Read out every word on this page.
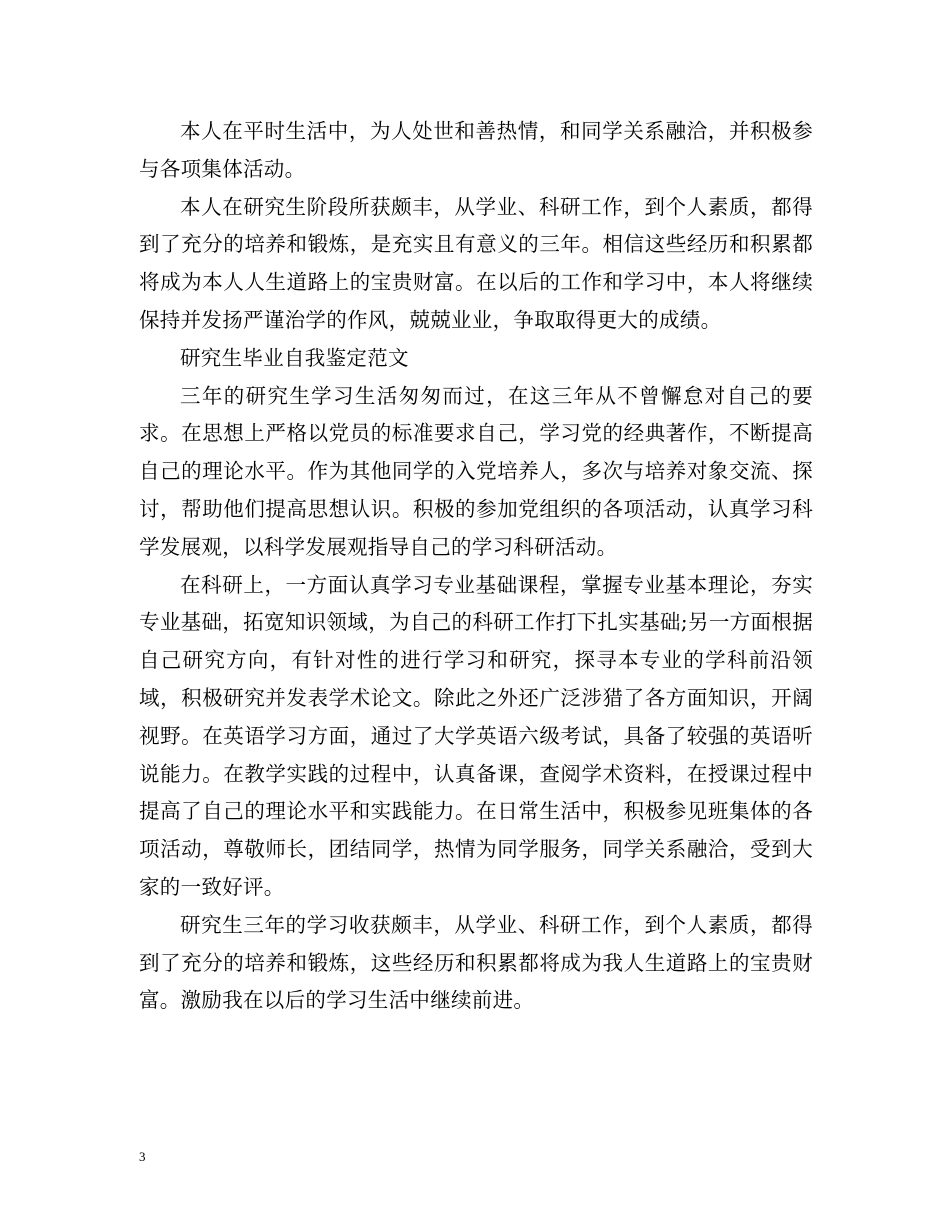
本人在平时生活中，为人处世和善热情，和同学关系融洽，并积极参与各项集体活动。

本人在研究生阶段所获颇丰，从学业、科研工作，到个人素质，都得到了充分的培养和锻炼，是充实且有意义的三年。相信这些经历和积累都将成为本人人生道路上的宝贵财富。在以后的工作和学习中，本人将继续保持并发扬严谨治学的作风，兢兢业业，争取取得更大的成绩。

研究生毕业自我鉴定范文

三年的研究生学习生活匆匆而过，在这三年从不曾懈怠对自己的要求。在思想上严格以党员的标准要求自己，学习党的经典著作，不断提高自己的理论水平。作为其他同学的入党培养人，多次与培养对象交流、探讨，帮助他们提高思想认识。积极的参加党组织的各项活动，认真学习科学发展观，以科学发展观指导自己的学习科研活动。

在科研上，一方面认真学习专业基础课程，掌握专业基本理论，夯实专业基础，拓宽知识领域，为自己的科研工作打下扎实基础;另一方面根据自己研究方向，有针对性的进行学习和研究，探寻本专业的学科前沿领域，积极研究并发表学术论文。除此之外还广泛涉猎了各方面知识，开阔视野。在英语学习方面，通过了大学英语六级考试，具备了较强的英语听说能力。在教学实践的过程中，认真备课，查阅学术资料，在授课过程中提高了自己的理论水平和实践能力。在日常生活中，积极参见班集体的各项活动，尊敬师长，团结同学，热情为同学服务，同学关系融洽，受到大家的一致好评。

研究生三年的学习收获颇丰，从学业、科研工作，到个人素质，都得到了充分的培养和锻炼，这些经历和积累都将成为我人生道路上的宝贵财富。激励我在以后的学习生活中继续前进。

3
